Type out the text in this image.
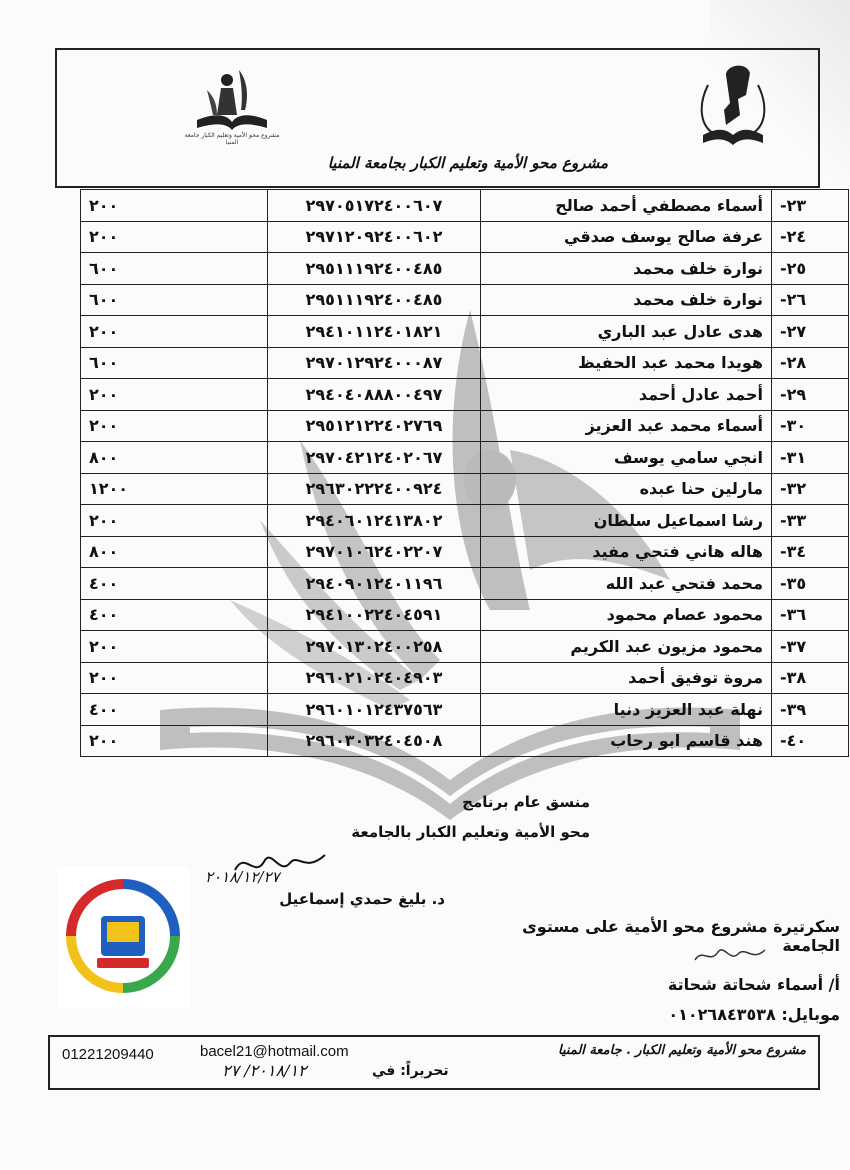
مشروع محو الأمية وتعليم الكبار جامعة المنيا
مشروع محو الأمية وتعليم الكبار بجامعة المنيا
٢٠٠	٢٩٧٠٥١٧٢٤٠٠٦٠٧	أسماء مصطفي أحمد صالح	-٢٣
٢٠٠	٢٩٧١٢٠٩٢٤٠٠٦٠٢	عرفة صالح يوسف صدقي	-٢٤
٦٠٠	٢٩٥١١١٩٢٤٠٠٤٨٥	نوارة خلف محمد	-٢٥
٦٠٠	٢٩٥١١١٩٢٤٠٠٤٨٥	نوارة خلف محمد	-٢٦
٢٠٠	٢٩٤١٠١١٢٤٠١٨٢١	هدى عادل عبد الباري	-٢٧
٦٠٠	٢٩٧٠١٢٩٢٤٠٠٠٨٧	هويدا محمد عبد الحفيظ	-٢٨
٢٠٠	٢٩٤٠٤٠٨٨٨٠٠٤٩٧	أحمد عادل أحمد	-٢٩
٢٠٠	٢٩٥١٢١٢٢٤٠٢٧٦٩	أسماء محمد عبد العزيز	-٣٠
٨٠٠	٢٩٧٠٤٢١٢٤٠٢٠٦٧	انجي سامي يوسف	-٣١
١٢٠٠	٢٩٦٣٠٢٢٢٤٠٠٩٢٤	مارلين حنا عبده	-٣٢
٢٠٠	٢٩٤٠٦٠١٢٤١٣٨٠٢	رشا اسماعيل سلطان	-٣٣
٨٠٠	٢٩٧٠١٠٦٢٤٠٢٢٠٧	هاله هاني فتحي مفيد	-٣٤
٤٠٠	٢٩٤٠٩٠١٢٤٠١١٩٦	محمد فتحي عبد الله	-٣٥
٤٠٠	٢٩٤١٠٠٢٢٤٠٤٥٩١	محمود عصام محمود	-٣٦
٢٠٠	٢٩٧٠١٣٠٢٤٠٠٢٥٨	محمود مزيون عبد الكريم	-٣٧
٢٠٠	٢٩٦٠٢١٠٢٤٠٤٩٠٣	مروة توفيق أحمد	-٣٨
٤٠٠	٢٩٦٠١٠١٢٤٣٧٥٦٣	نهلة عبد العزيز دنيا	-٣٩
٢٠٠	٢٩٦٠٣٠٣٢٤٠٤٥٠٨	هند قاسم ابو رحاب	-٤٠
منسق عام برنامج
محو الأمية وتعليم الكبار بالجامعة
٢٠١٨/١٢/٢٧
د. بليغ حمدي إسماعيل
سكرتيرة مشروع محو الأمية على مستوى الجامعة
أ/ أسماء شحاتة شحاتة
موبايل: ٠١٠٢٦٨٤٣٥٣٨
01221209440	bacel21@hotmail.com	مشروع محو الأمية وتعليم الكبار . جامعة المنيا
تحريراً: في
٢٠١٨/١٢/ ٢٧
